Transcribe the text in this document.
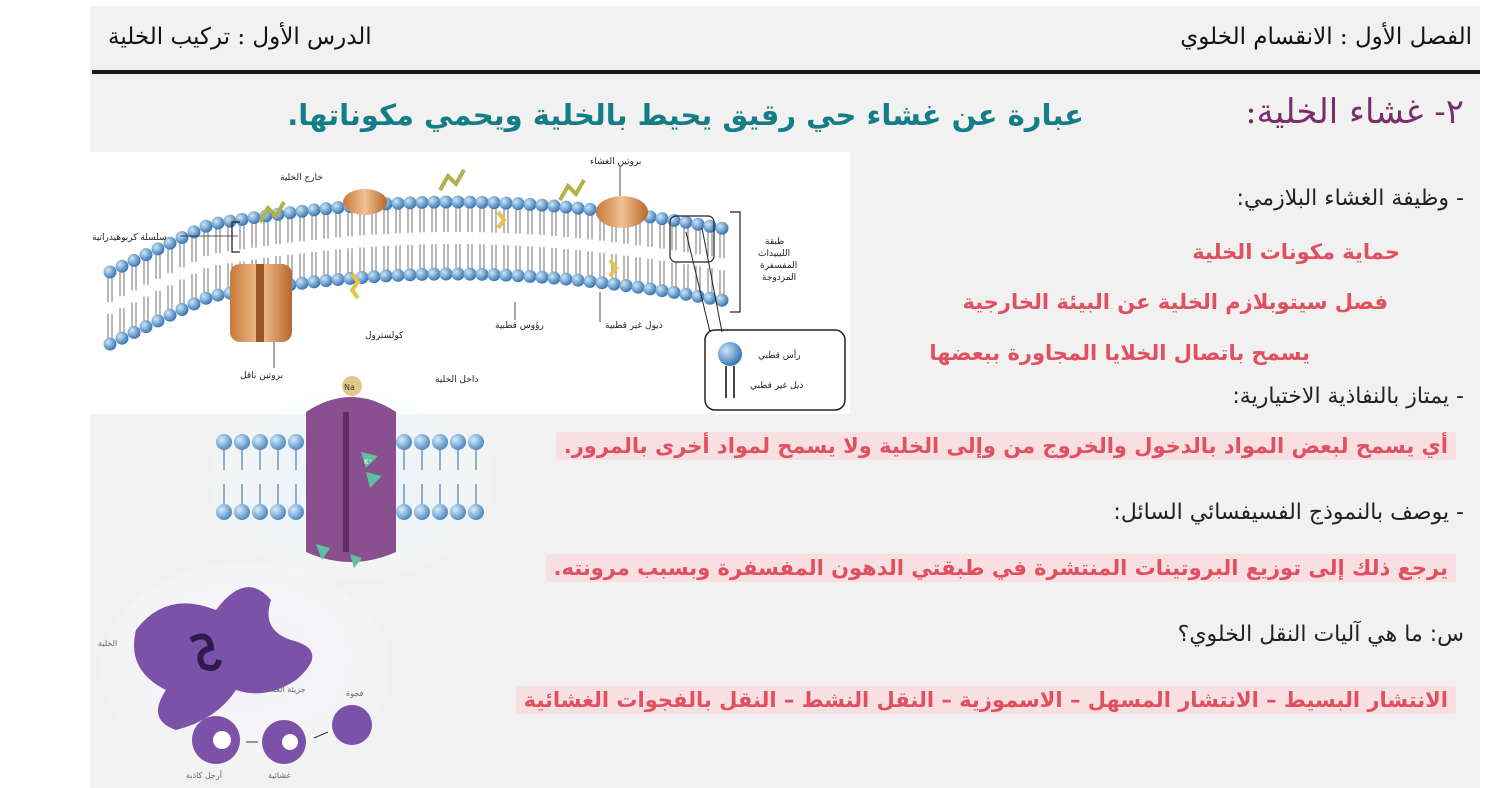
الفصل الأول : الانقسام الخلوي
الدرس الأول : تركيب الخلية
٢- غشاء الخلية:
عبارة عن غشاء حي رقيق يحيط بالخلية ويحمي مكوناتها.
خارج الخلية
بروتين الغشاء
سلسلة كربوهيدراتية	طبقة
الليبيدات
المفسفرة
المزدوجة
رؤوس قطبية	ذيول غير قطبية
كولسترول
داخل الخلية
بروتين ناقل
رأس قطبي
ذيل غير قطبي
Na
K⁺
الخلية
جزيئة الغذاء	فجوة
أرجل كاذبة	غشائية
- وظيفة الغشاء البلازمي:
حماية مكونات الخلية
فصل سيتوبلازم الخلية عن البيئة الخارجية
يسمح باتصال الخلايا المجاورة ببعضها
- يمتاز بالنفاذية الاختيارية:
أي يسمح لبعض المواد بالدخول والخروج من وإلى الخلية ولا يسمح لمواد أخرى بالمرور.
- يوصف بالنموذج الفسيفسائي السائل:
يرجع ذلك إلى توزيع البروتينات المنتشرة في طبقتي الدهون المفسفرة وبسبب مرونته.
س: ما هي آليات النقل الخلوي؟
الانتشار البسيط – الانتشار المسهل – الاسموزية – النقل النشط – النقل بالفجوات الغشائية
